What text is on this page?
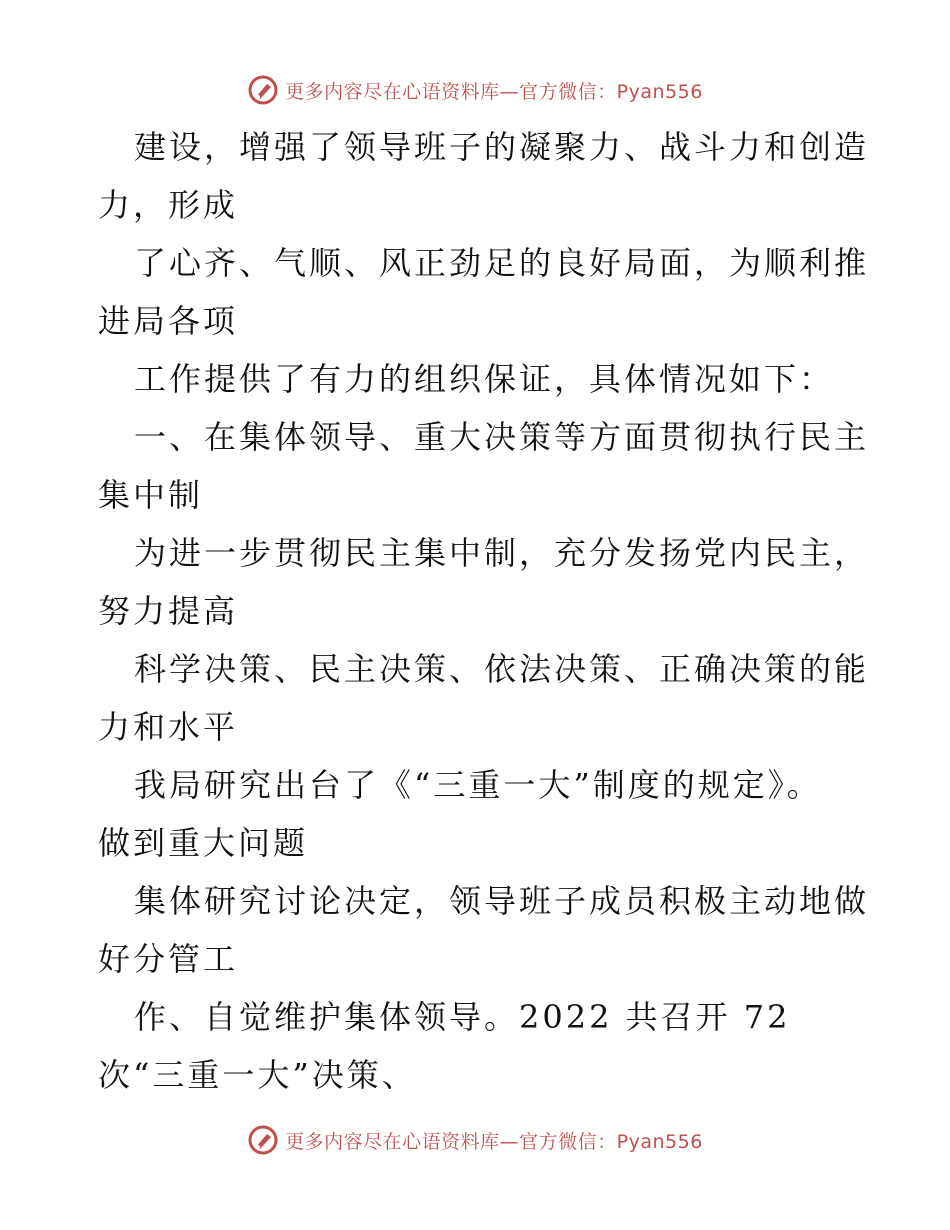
更多内容尽在心语资料库—官方微信：Pyan556
建设，增强了领导班子的凝聚力、战斗力和创造
力，形成
了心齐、气顺、风正劲足的良好局面，为顺利推
进局各项
工作提供了有力的组织保证，具体情况如下：
一、在集体领导、重大决策等方面贯彻执行民主
集中制
为进一步贯彻民主集中制，充分发扬党内民主，
努力提高
科学决策、民主决策、依法决策、正确决策的能
力和水平
我局研究出台了《“三重一大”制度的规定》。
做到重大问题
集体研究讨论决定，领导班子成员积极主动地做
好分管工
作、自觉维护集体领导。2022 共召开 72
次“三重一大”决策、
更多内容尽在心语资料库—官方微信：Pyan556
